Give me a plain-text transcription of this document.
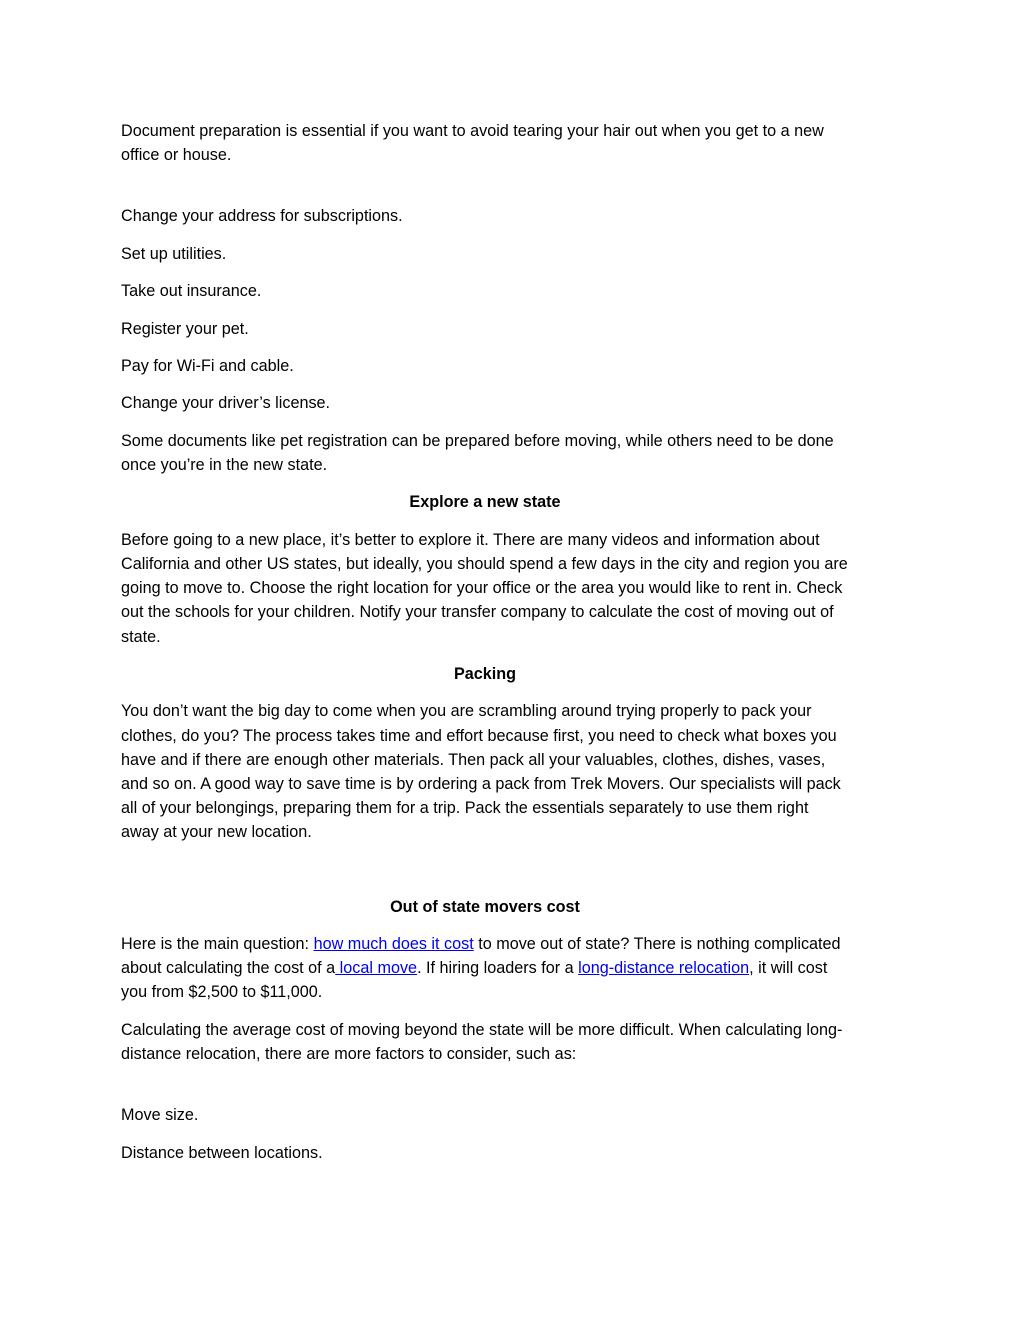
Document preparation is essential if you want to avoid tearing your hair out when you get to a new office or house.

Change your address for subscriptions.

Set up utilities.

Take out insurance.

Register your pet.

Pay for Wi-Fi and cable.

Change your driver’s license.

Some documents like pet registration can be prepared before moving, while others need to be done once you’re in the new state.

Explore a new state

Before going to a new place, it’s better to explore it. There are many videos and information about California and other US states, but ideally, you should spend a few days in the city and region you are going to move to. Choose the right location for your office or the area you would like to rent in. Check out the schools for your children. Notify your transfer company to calculate the cost of moving out of state.

Packing

You don’t want the big day to come when you are scrambling around trying properly to pack your clothes, do you? The process takes time and effort because first, you need to check what boxes you have and if there are enough other materials. Then pack all your valuables, clothes, dishes, vases, and so on. A good way to save time is by ordering a pack from Trek Movers. Our specialists will pack all of your belongings, preparing them for a trip. Pack the essentials separately to use them right away at your new location.

Out of state movers cost

Here is the main question: how much does it cost to move out of state? There is nothing complicated about calculating the cost of a local move. If hiring loaders for a long-distance relocation, it will cost you from $2,500 to $11,000.

Calculating the average cost of moving beyond the state will be more difficult. When calculating long-distance relocation, there are more factors to consider, such as:

Move size.

Distance between locations.
